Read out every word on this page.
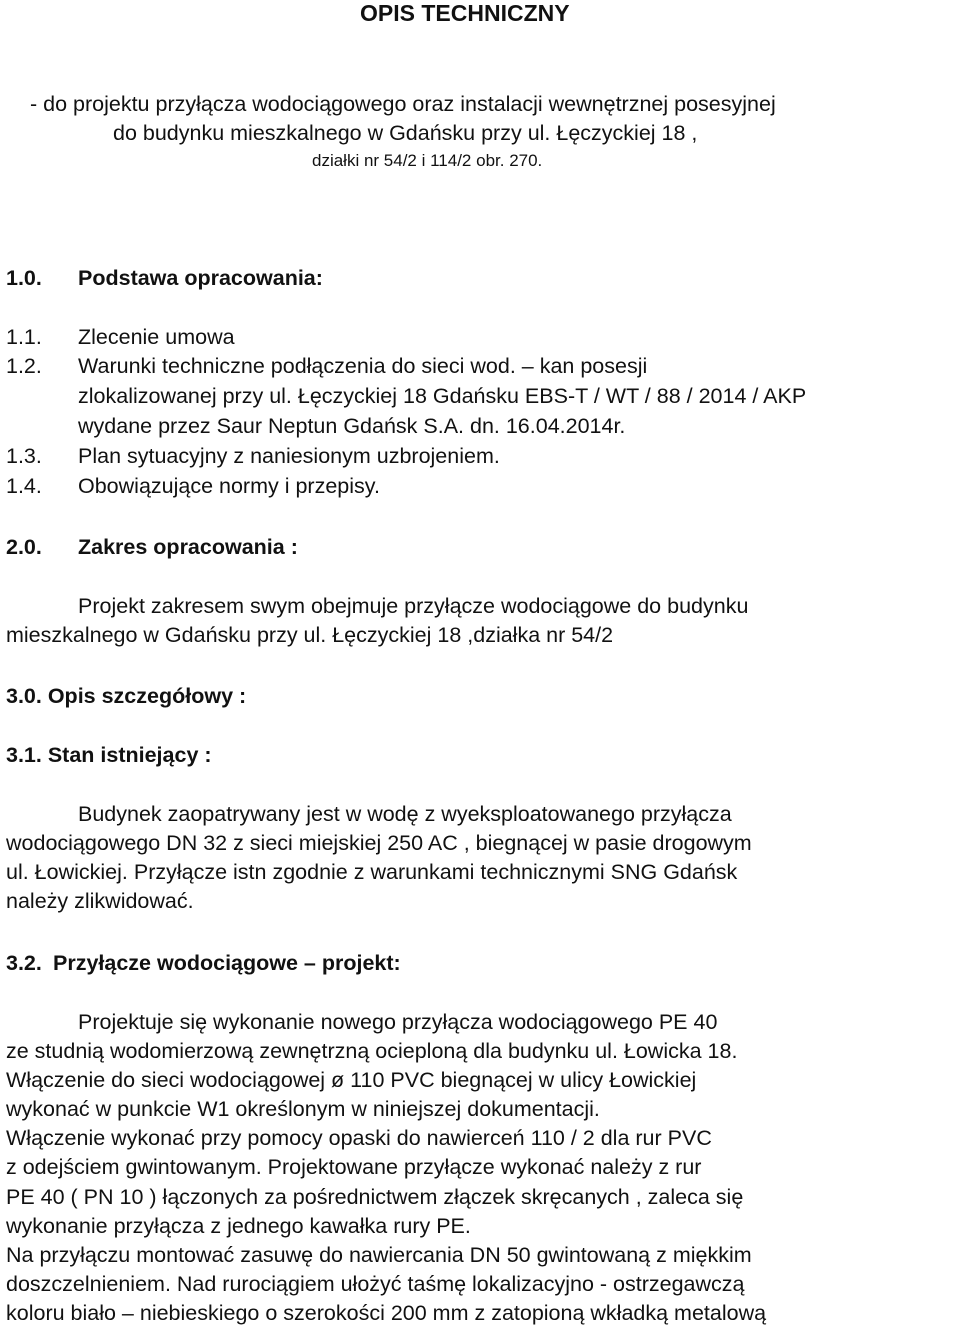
OPIS TECHNICZNY
- do projektu przyłącza wodociągowego oraz instalacji wewnętrznej posesyjnej
do budynku mieszkalnego w Gdańsku przy ul. Łęczyckiej 18 ,
działki nr 54/2 i 114/2 obr. 270.
1.0. Podstawa opracowania:
1.1. Zlecenie umowa
1.2. Warunki techniczne podłączenia do sieci wod. – kan posesji
zlokalizowanej przy ul. Łęczyckiej 18 Gdańsku EBS-T / WT / 88 / 2014 / AKP
wydane przez Saur Neptun Gdańsk S.A. dn. 16.04.2014r.
1.3. Plan sytuacyjny z naniesionym uzbrojeniem.
1.4. Obowiązujące normy i przepisy.
2.0. Zakres opracowania :
Projekt zakresem swym obejmuje przyłącze wodociągowe do budynku
mieszkalnego w Gdańsku przy ul. Łęczyckiej 18 ,działka nr 54/2
3.0. Opis szczegółowy :
3.1. Stan istniejący :
Budynek zaopatrywany jest w wodę z wyeksploatowanego przyłącza
wodociągowego DN 32 z sieci miejskiej 250 AC , biegnącej w pasie drogowym
ul. Łowickiej. Przyłącze istn zgodnie z warunkami technicznymi SNG Gdańsk
należy zlikwidować.
3.2. Przyłącze wodociągowe – projekt:
Projektuje się wykonanie nowego przyłącza wodociągowego PE 40
ze studnią wodomierzową zewnętrzną ocieploną dla budynku ul. Łowicka 18.
Włączenie do sieci wodociągowej ø 110 PVC biegnącej w ulicy Łowickiej
wykonać w punkcie W1 określonym w niniejszej dokumentacji.
Włączenie wykonać przy pomocy opaski do nawierceń 110 / 2 dla rur PVC
z odejściem gwintowanym. Projektowane przyłącze wykonać należy z rur
PE 40 ( PN 10 ) łączonych za pośrednictwem złączek skręcanych , zaleca się
wykonanie przyłącza z jednego kawałka rury PE.
Na przyłączu montować zasuwę do nawiercania DN 50 gwintowaną z miękkim
doszczelnieniem. Nad rurociągiem ułożyć taśmę lokalizacyjno - ostrzegawczą
koloru biało – niebieskiego o szerokości 200 mm z zatopioną wkładką metalową
